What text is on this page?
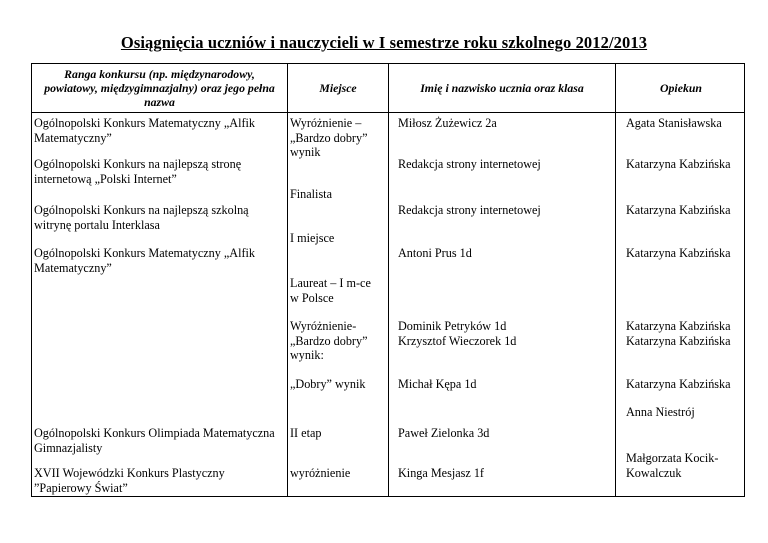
Osiągnięcia uczniów i nauczycieli w I semestrze roku szkolnego 2012/2013
Ranga konkursu (np. międzynarodowy,
powiatowy, międzygimnazjalny) oraz jego pełna
nazwa
Miejsce	Imię i nazwisko ucznia oraz klasa	Opiekun
Ogólnopolski Konkurs Matematyczny „Alfik
Matematyczny”
Ogólnopolski Konkurs na najlepszą stronę
internetową „Polski Internet”
Ogólnopolski Konkurs na najlepszą szkolną
witrynę portalu Interklasa
Ogólnopolski Konkurs Matematyczny „Alfik
Matematyczny”
Ogólnopolski Konkurs Olimpiada Matematyczna
Gimnazjalisty
XVII Wojewódzki Konkurs Plastyczny
”Papierowy Świat”
Wyróżnienie –
„Bardzo dobry”
wynik
Finalista
I miejsce
Laureat – I m-ce
w Polsce
Wyróżnienie-
„Bardzo dobry”
wynik:
„Dobry” wynik
II etap
wyróżnienie
Miłosz Żużewicz 2a
Redakcja strony internetowej
Redakcja strony internetowej
Antoni Prus 1d
Dominik Petryków 1d
Krzysztof Wieczorek 1d
Michał Kępa 1d
Paweł Zielonka 3d
Kinga Mesjasz 1f
Agata Stanisławska
Katarzyna Kabzińska
Katarzyna Kabzińska
Katarzyna Kabzińska
Katarzyna Kabzińska
Katarzyna Kabzińska
Katarzyna Kabzińska
Anna Niestrój
Małgorzata Kocik-
Kowalczuk
